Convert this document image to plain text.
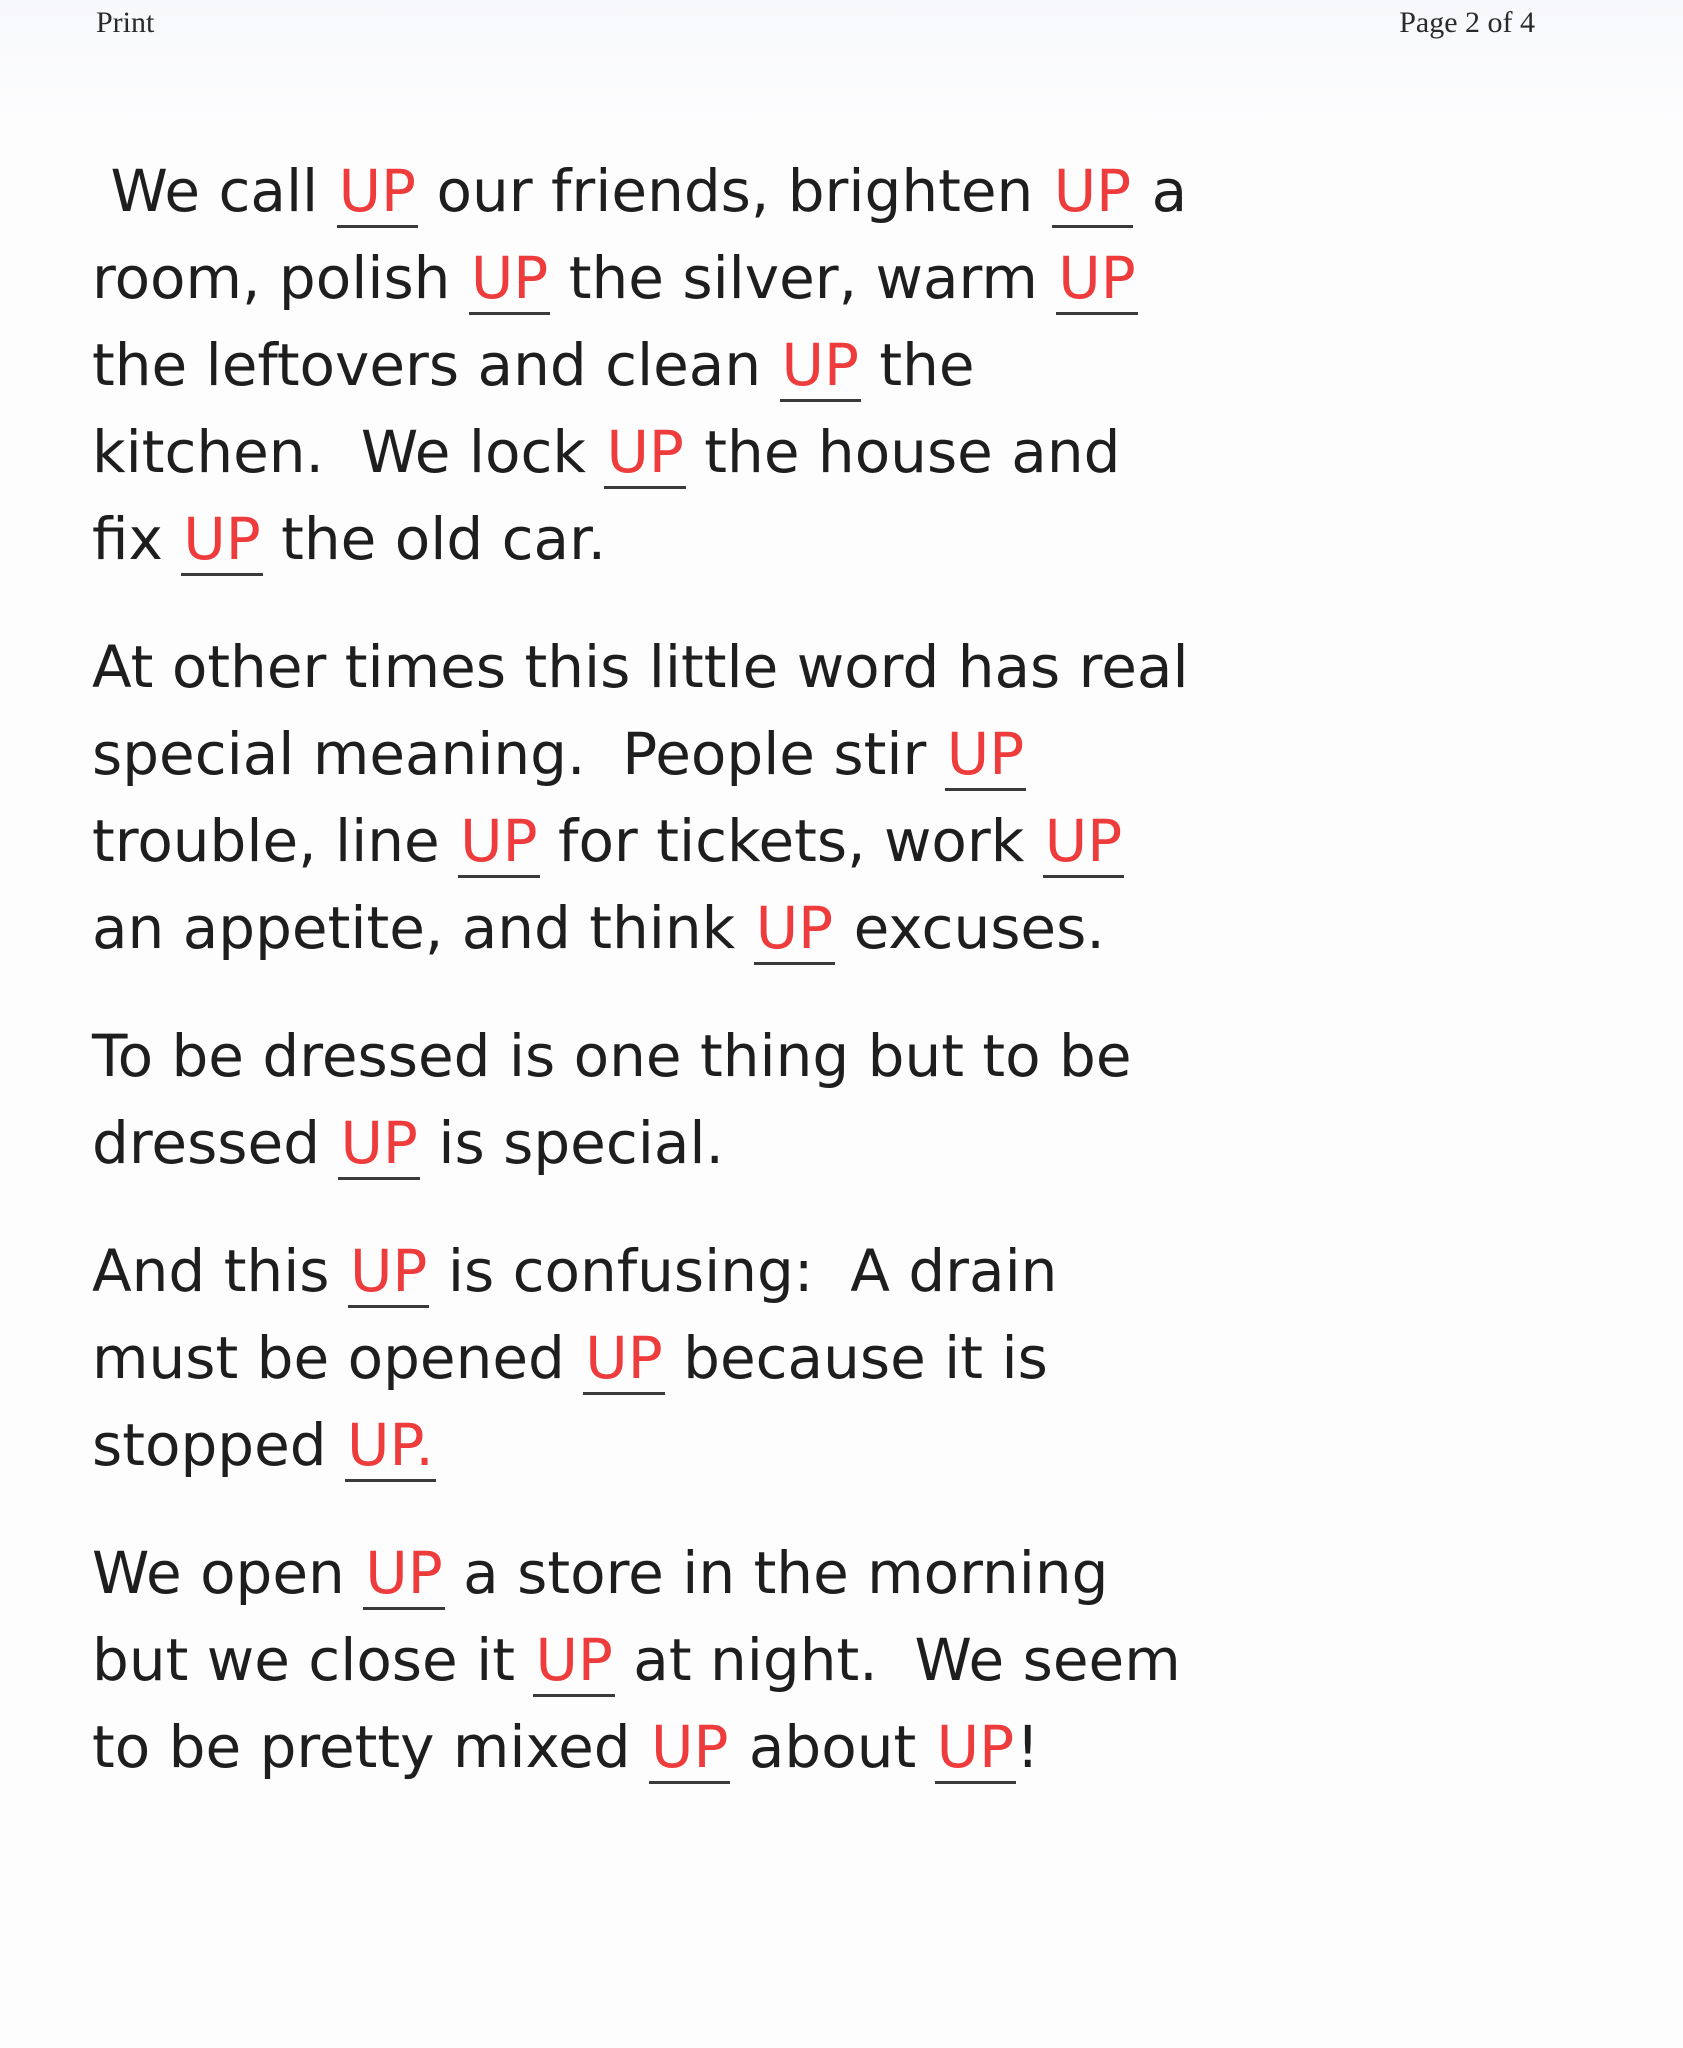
Print	Page 2 of 4

We call UP our friends, brighten UP a room, polish UP the silver, warm UP the leftovers and clean UP the kitchen.  We lock UP the house and fix UP the old car.

At other times this little word has real special meaning.  People stir UP trouble, line UP for tickets, work UP an appetite, and think UP excuses.

To be dressed is one thing but to be dressed UP is special.

And this UP is confusing:  A drain must be opened UP because it is stopped UP.

We open UP a store in the morning but we close it UP at night.  We seem to be pretty mixed UP about UP!
